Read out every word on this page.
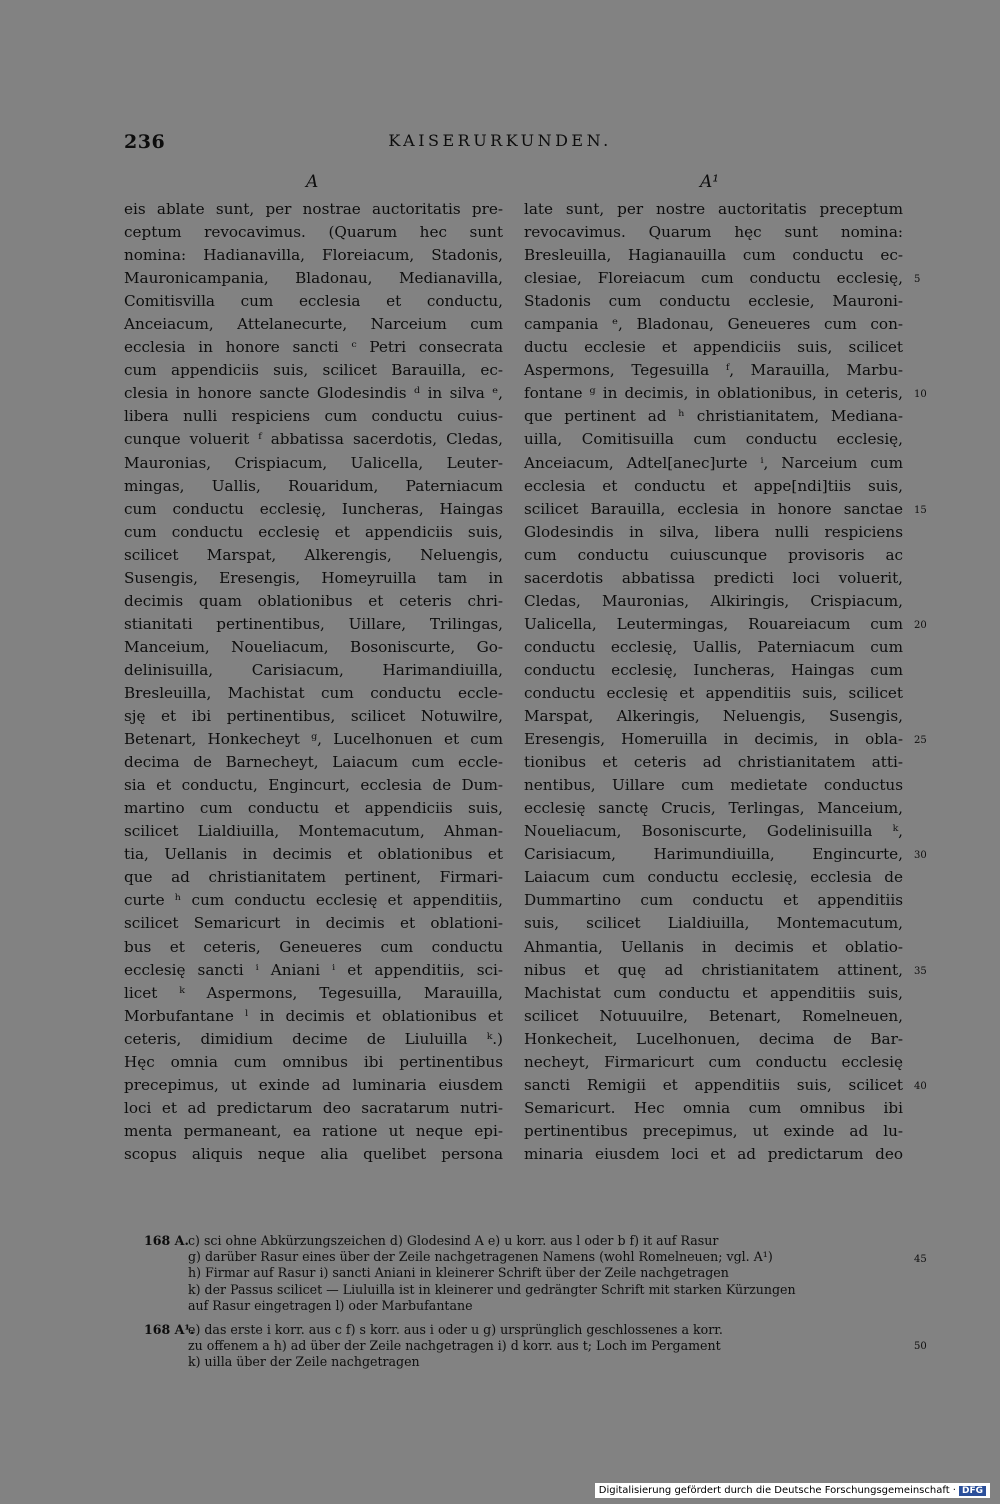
236	KAISERURKUNDEN.
A	A¹
eis ablate sunt, per nostrae auctoritatis pre-
ceptum revocavimus. (Quarum hec sunt
nomina: Hadianavilla, Floreiacum, Stadonis,
Mauronicampania, Bladonau, Medianavilla,
Comitisvilla cum ecclesia et conductu,
Anceiacum, Attelanecurte, Narceium cum
ecclesia in honore sancti ᶜ Petri consecrata
cum appendiciis suis, scilicet Barauilla, ec-
clesia in honore sancte Glodesindis ᵈ in silva ᵉ,
libera nulli respiciens cum conductu cuius-
cunque voluerit ᶠ abbatissa sacerdotis, Cledas,
Mauronias, Crispiacum, Ualicella, Leuter-
mingas, Uallis, Rouaridum, Paterniacum
cum conductu ecclesię, Iuncheras, Haingas
cum conductu ecclesię et appendiciis suis,
scilicet Marspat, Alkerengis, Neluengis,
Susengis, Eresengis, Homeyruilla tam in
decimis quam oblationibus et ceteris chri-
stianitati pertinentibus, Uillare, Trilingas,
Manceium, Noueliacum, Bosoniscurte, Go-
delinisuilla, Carisiacum, Harimandiuilla,
Bresleuilla, Machistat cum conductu eccle-
sję et ibi pertinentibus, scilicet Notuwilre,
Betenart, Honkecheyt ᵍ, Lucelhonuen et cum
decima de Barnecheyt, Laiacum cum eccle-
sia et conductu, Engincurt, ecclesia de Dum-
martino cum conductu et appendiciis suis,
scilicet Lialdiuilla, Montemacutum, Ahman-
tia, Uellanis in decimis et oblationibus et
que ad christianitatem pertinent, Firmari-
curte ʰ cum conductu ecclesię et appenditiis,
scilicet Semaricurt in decimis et oblationi-
bus et ceteris, Geneueres cum conductu
ecclesię sancti ⁱ Aniani ⁱ et appenditiis, sci-
licet ᵏ Aspermons, Tegesuilla, Marauilla,
Morbufantane ˡ in decimis et oblationibus et
ceteris, dimidium decime de Liuluilla ᵏ.)
Hęc omnia cum omnibus ibi pertinentibus
precepimus, ut exinde ad luminaria eiusdem
loci et ad predictarum deo sacratarum nutri-
menta permaneant, ea ratione ut neque epi-
scopus aliquis neque alia quelibet persona
late sunt, per nostre auctoritatis preceptum
revocavimus. Quarum hęc sunt nomina:
Bresleuilla, Hagianauilla cum conductu ec-
clesiae, Floreiacum cum conductu ecclesię,
Stadonis cum conductu ecclesie, Mauroni-
campania ᵉ, Bladonau, Geneueres cum con-
ductu ecclesie et appendiciis suis, scilicet
Aspermons, Tegesuilla ᶠ, Marauilla, Marbu-
fontane ᵍ in decimis, in oblationibus, in ceteris,
que pertinent ad ʰ christianitatem, Mediana-
uilla, Comitisuilla cum conductu ecclesię,
Anceiacum, Adtel[anec]urte ⁱ, Narceium cum
ecclesia et conductu et appe[ndi]tiis suis,
scilicet Barauilla, ecclesia in honore sanctae
Glodesindis in silva, libera nulli respiciens
cum conductu cuiuscunque provisoris ac
sacerdotis abbatissa predicti loci voluerit,
Cledas, Mauronias, Alkiringis, Crispiacum,
Ualicella, Leutermingas, Rouareiacum cum
conductu ecclesię, Uallis, Paterniacum cum
conductu ecclesię, Iuncheras, Haingas cum
conductu ecclesię et appenditiis suis, scilicet
Marspat, Alkeringis, Neluengis, Susengis,
Eresengis, Homeruilla in decimis, in obla-
tionibus et ceteris ad christianitatem atti-
nentibus, Uillare cum medietate conductus
ecclesię sanctę Crucis, Terlingas, Manceium,
Noueliacum, Bosoniscurte, Godelinisuilla ᵏ,
Carisiacum, Harimundiuilla, Engincurte,
Laiacum cum conductu ecclesię, ecclesia de
Dummartino cum conductu et appenditiis
suis, scilicet Lialdiuilla, Montemacutum,
Ahmantia, Uellanis in decimis et oblatio-
nibus et quę ad christianitatem attinent,
Machistat cum conductu et appenditiis suis,
scilicet Notuuuilre, Betenart, Romelneuen,
Honkecheit, Lucelhonuen, decima de Bar-
necheyt, Firmaricurt cum conductu ecclesię
sancti Remigii et appenditiis suis, scilicet
Semaricurt. Hec omnia cum omnibus ibi
pertinentibus precepimus, ut exinde ad lu-
minaria eiusdem loci et ad predictarum deo
5
10
15
20
25
30
35
40
168 A.c) sci ohne Abkürzungszeichen d) Glodesind A e) u korr. aus l oder b f) it auf Rasur
g) darüber Rasur eines über der Zeile nachgetragenen Namens (wohl Romelneuen; vgl. A¹)
h) Firmar auf Rasur i) sancti Aniani in kleinerer Schrift über der Zeile nachgetragen
k) der Passus scilicet — Liuluilla ist in kleinerer und gedrängter Schrift mit starken Kürzungen
auf Rasur eingetragen l) oder Marbufantane
168 A¹.e) das erste i korr. aus c f) s korr. aus i oder u g) ursprünglich geschlossenes a korr.
zu offenem a h) ad über der Zeile nachgetragen i) d korr. aus t; Loch im Pergament
k) uilla über der Zeile nachgetragen
45
50
Digitalisierung gefördert durch die Deutsche Forschungsgemeinschaft · DFG
